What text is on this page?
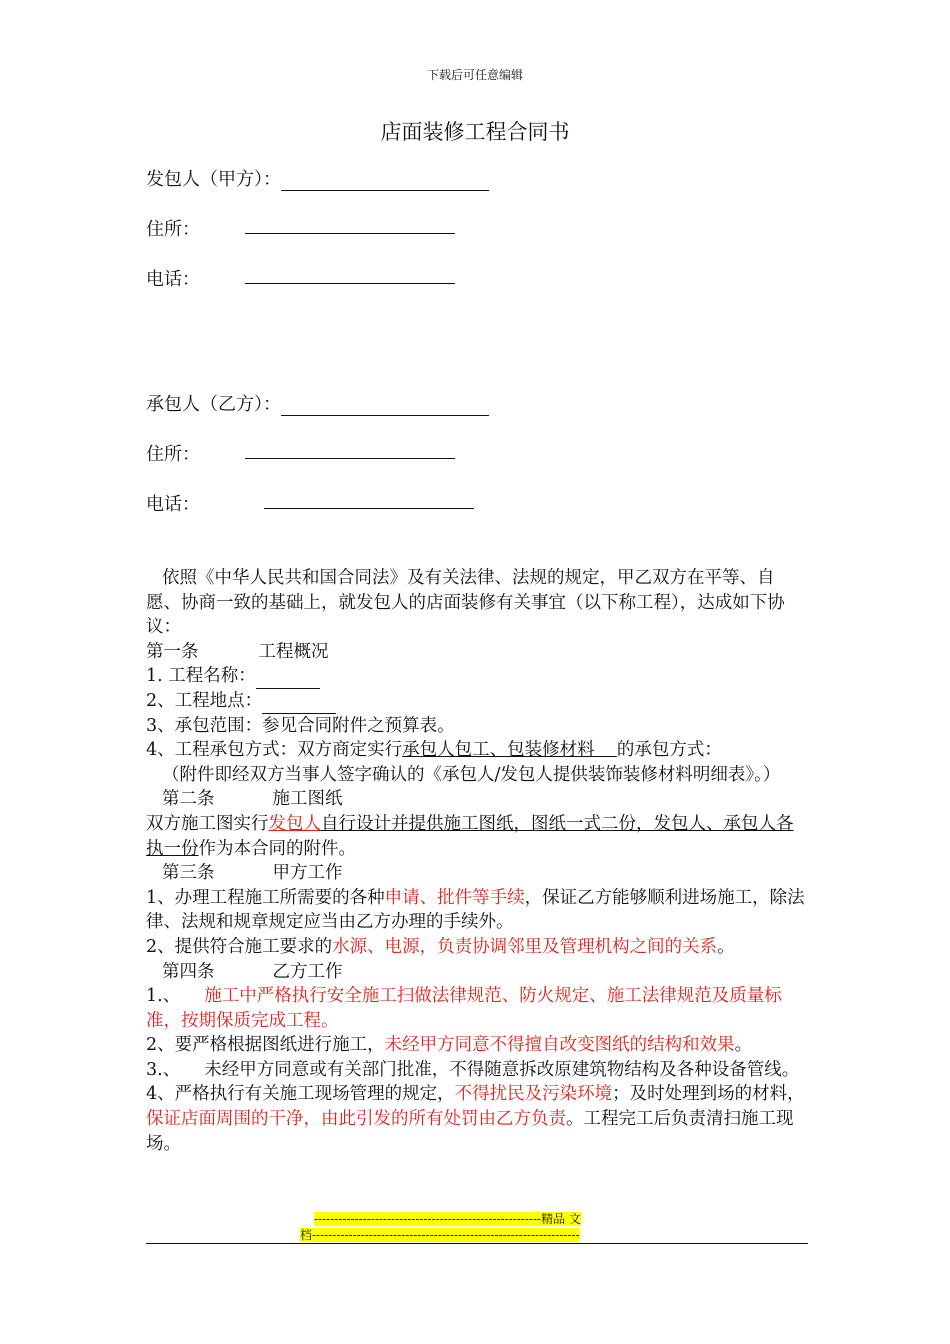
下载后可任意编辑
店面装修工程合同书
发包人（甲方）：
住所：
电话：
承包人（乙方）：
住所：
电话：

依照《中华人民共和国合同法》及有关法律、法规的规定，甲乙双方在平等、自愿、协商一致的基础上，就发包人的店面装修有关事宜（以下称工程），达成如下协议：

第一条	工程概况

1. 工程名称：

2、工程地点：

3、承包范围：参见合同附件之预算表。

4、工程承包方式：双方商定实行承包人包工、包装修材料 的承包方式：

（附件即经双方当事人签字确认的《承包人/发包人提供装饰装修材料明细表》。）

第二条	施工图纸

双方施工图实行发包人自行设计并提供施工图纸，图纸一式二份，发包人、承包人各执一份作为本合同的附件。

第三条	甲方工作

1、办理工程施工所需要的各种申请、批件等手续，保证乙方能够顺利进场施工，除法律、法规和规章规定应当由乙方办理的手续外。

2、提供符合施工要求的水源、电源，负责协调邻里及管理机构之间的关系。

第四条	乙方工作

1.、 施工中严格执行安全施工扫做法律规范、防火规定、施工法律规范及质量标准，按期保质完成工程。

2、要严格根据图纸进行施工，未经甲方同意不得擅自改变图纸的结构和效果。

3.、 未经甲方同意或有关部门批准，不得随意拆改原建筑物结构及各种设备管线。

4、严格执行有关施工现场管理的规定，不得扰民及污染环境；及时处理到场的材料，保证店面周围的干净，由此引发的所有处罚由乙方负责。工程完工后负责清扫施工现场。

--------------------------------------------------------精品 文
档------------------------------------------------------------------
